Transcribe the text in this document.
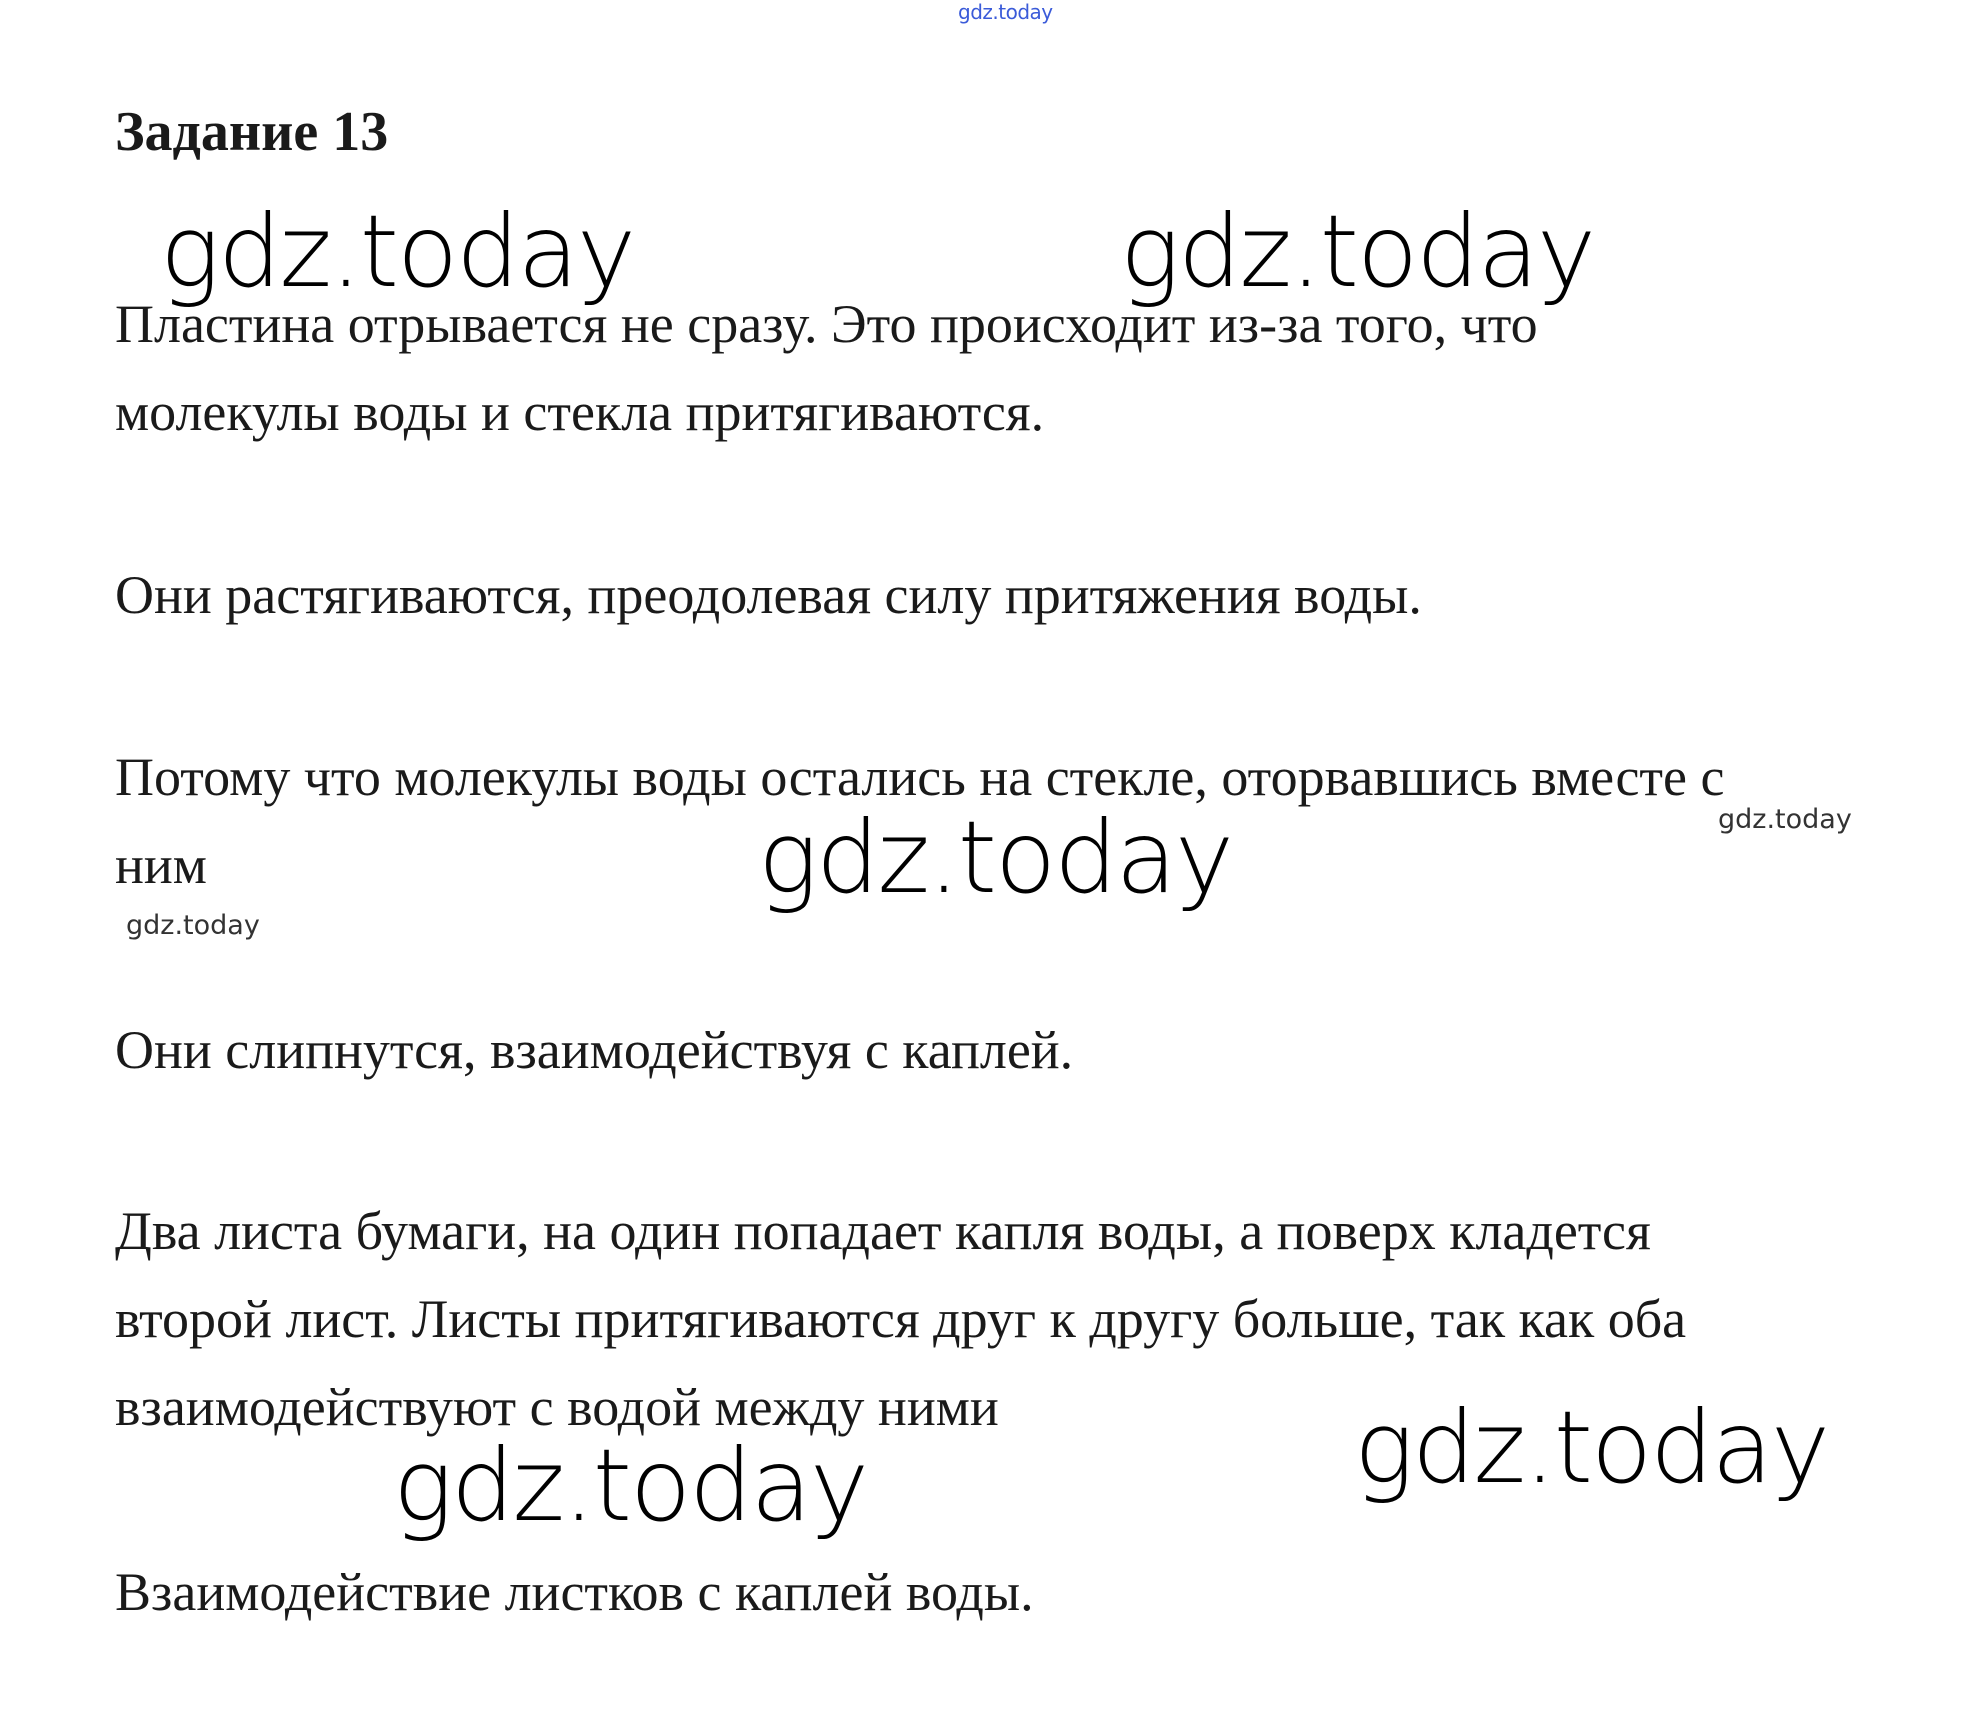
gdz.today
Задание 13
gdz.today	gdz.today
Пластина отрывается не сразу. Это происходит из-за того, что
молекулы воды и стекла притягиваются.
Они растягиваются, преодолевая силу притяжения воды.
Потому что молекулы воды остались на стекле, оторвавшись вместе с
ним
gdz.today
gdz.today
gdz.today
Они слипнутся, взаимодействуя с каплей.
Два листа бумаги, на один попадает капля воды, а поверх кладется
второй лист. Листы притягиваются друг к другу больше, так как оба
взаимодействуют с водой между ними	gdz.today
gdz.today
Взаимодействие листков с каплей воды.
